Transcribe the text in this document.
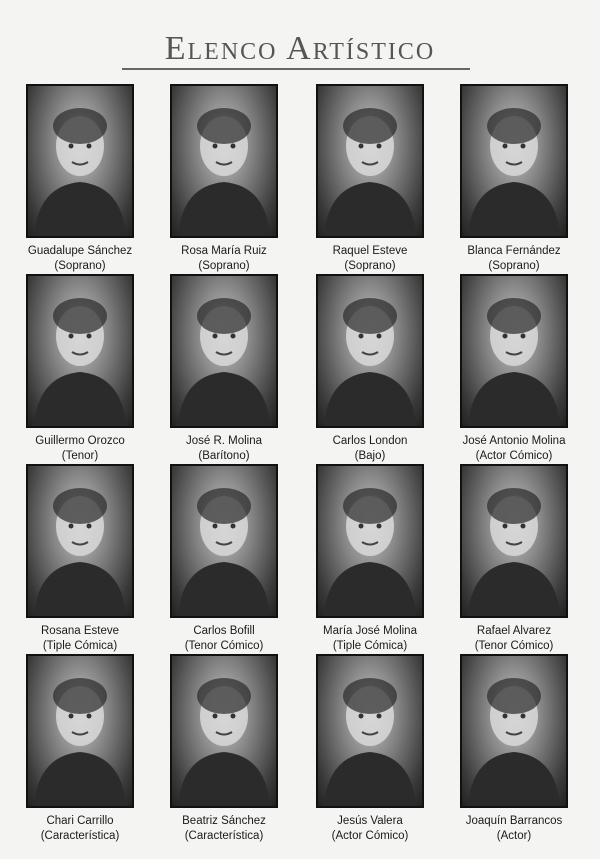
Elenco Artístico
Guadalupe Sánchez
(Soprano)
Rosa María Ruiz
(Soprano)
Raquel Esteve
(Soprano)
Blanca Fernández
(Soprano)
Guillermo Orozco
(Tenor)
José R. Molina
(Barítono)
Carlos London
(Bajo)
José Antonio Molina
(Actor Cómico)
Rosana Esteve
(Tiple Cómica)
Carlos Bofill
(Tenor Cómico)
María José Molina
(Tiple Cómica)
Rafael Alvarez
(Tenor Cómico)
Chari Carrillo
(Característica)
Beatriz Sánchez
(Característica)
Jesús Valera
(Actor Cómico)
Joaquín Barrancos
(Actor)
